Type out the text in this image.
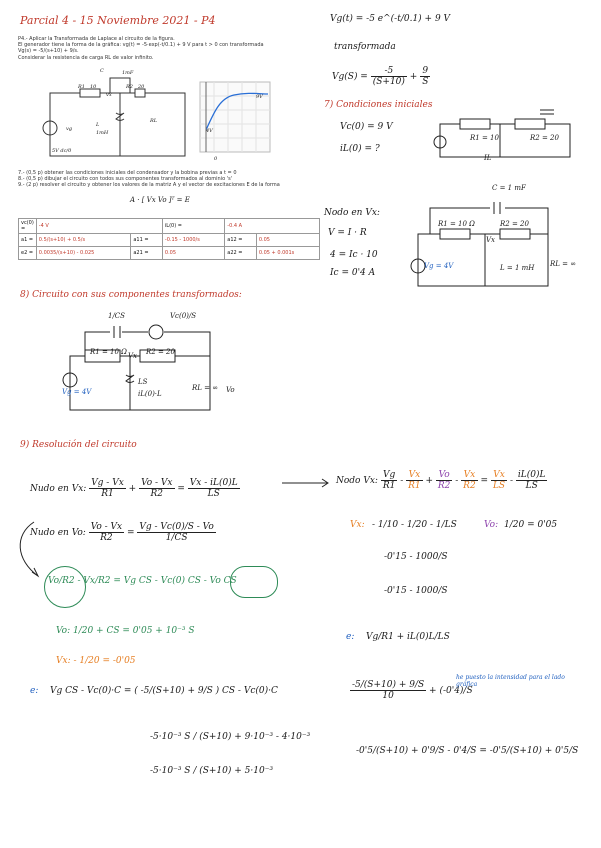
Parcial 4 - 15 Noviembre 2021 - P4
P4.- Aplicar la Transformada de Laplace al circuito de la figura.
El generador tiene la forma de la gráfica: vg(t) = -5·exp(-t/0.1) + 9 V para t > 0 con transformada
Vg(s) = -5/(s+10) + 9/s.
Considerar la resistencia de carga RL de valor infinito.
C	1mF
R1 10
vx
R2 20
L
1mH
RL
vg
5V dc/0
9V
4V
0
7.- (0,5 p) obtener las condiciones iniciales del condensador y la bobina previas a t = 0
8.- (0,5 p) dibujar el circuito con todos sus componentes transformados al dominio 's'
9.- (2 p) resolver el circuito y obtener los valores de la matriz A y el vector de excitaciones E de la forma
A · [ Vx Vo ]ᵀ = E
vc(0) =	-4 V		iL(0) =	-0.4 A	
a1 =	0.5/(s+10) + 0.5/s	a11 =	-0.15 - 1000/s	a12 =	0.05
e2 =	0.0035/(s+10) - 0.025	a21 =	0.05	a22 =	0.05 + 0.001s
Vg(t) = -5 e^(-t/0.1) + 9 V
transformada
$Vg(S) = \frac{-5}{(S+10)} + \frac{9}{S}$
7) Condiciones iniciales
Vc(0) = 9 V
iL(0) = ?
R1 = 10	R2 = 20
IL
C = 1 mF
Nodo en Vx:
V = I · R
4 = Ic · 10
Ic = 0'4 A
R1 = 10 Ω	R2 = 20
Vx
Vg = 4V	L = 1 mH RL = ∞
8) Circuito con sus componentes transformados:
1/CS	Vc(0)/S
R1 = 10 Ω	R2 = 20
Vx
Vg = 4V
LS
iL(0)·L
RL = ∞ Vo
9) Resolución del circuito
Nudo en Vx: $\frac{Vg - Vx}{R1} + \frac{Vo - Vx}{R2} = \frac{Vx - iL(0)L}{LS}$	Nodo Vx: $\frac{Vg}{R1} - \frac{Vx}{R1} + \frac{Vo}{R2} - \frac{Vx}{R2} = \frac{Vx}{LS} - \frac{iL(0)L}{LS}$
Nudo en Vo: $\frac{Vo - Vx}{R2} = \frac{Vg - Vc(0)/S - Vo}{1/CS}$	Vx: - 1/10 - 1/20 - 1/LS	Vo: 1/20 = 0'05
-0'15 - 1000/S
-0'15 - 1000/S
Vo/R2 - Vx/R2 = Vg CS - Vc(0) CS - Vo CS
Vo: 1/20 + CS = 0'05 + 10⁻³ S
Vx: - 1/20 = -0'05
e: Vg CS - Vc(0)·C = ( -5/(S+10) + 9/S ) CS - Vc(0)·C
-5·10⁻³ S / (S+10) + 9·10⁻³ - 4·10⁻³
-5·10⁻³ S / (S+10) + 5·10⁻³
e: Vg/R1 + iL(0)L/LS
$\frac{-5/(S+10) + 9/S}{10} + (-0'4)/S$
he puesto la intensidad para el lado gráfica
-0'5/(S+10) + 0'9/S - 0'4/S = -0'5/(S+10) + 0'5/S
